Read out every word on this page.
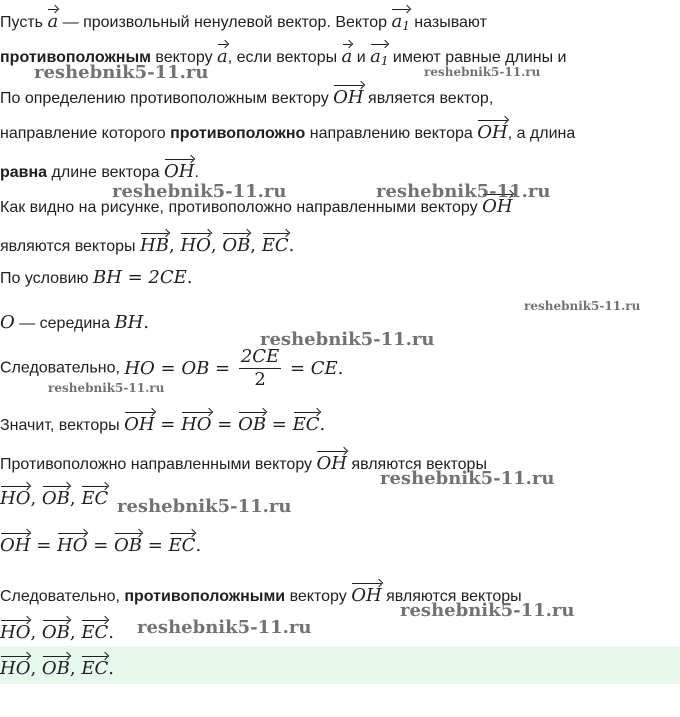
Пусть a — произвольный ненулевой вектор. Вектор $a_1$ называют
противоположным вектору a, если векторы a и $a_1$ имеют равные длины и
По определению противоположным вектору OH является вектор,
направление которого противоположно направлению вектора OH, а длина
равна длине вектора OH.
Как видно на рисунке, противоположно направленными вектору OH
являются векторы HB, HO, OB, EC.
По условию BH = 2CE.
O — середина BH.
Следовательно, HO = OB = $\frac{2CE}{2}$ = CE.
Значит, векторы OH = HO = OB = EC.
Противоположно направленными вектору OH являются векторы
HO, OB, EC
OH = HO = OB = EC.
Следовательно, противоположными вектору OH являются векторы
HO, OB, EC.
HO, OB, EC.
reshebnik5-11.ru	reshebnik5-11.ru
reshebnik5-11.ru	reshebnik5-11.ru
reshebnik5-11.ru
reshebnik5-11.ru
reshebnik5-11.ru
reshebnik5-11.ru
reshebnik5-11.ru
reshebnik5-11.ru
reshebnik5-11.ru
